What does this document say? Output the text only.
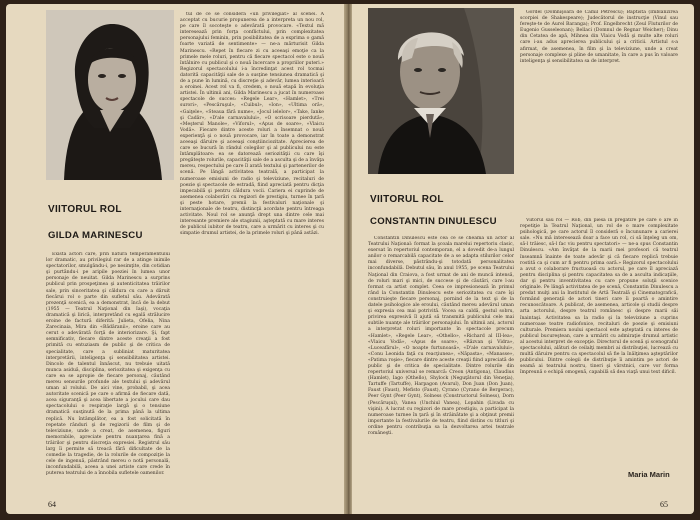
VIITORUL ROL
GILDA MARINESCU

Există actori care, prin natura temperamentului lor dramatic, au privilegiul rar de a atinge inimile spectatorilor, smulgându-i, pe nesimţite, din cotidian şi purtându-i pe aripile poeziei în lumea unor personaje de neuitat. Gilda Marinescu a surprins publicul prin prospeţimea şi autenticitatea trăirilor sale, prin sinceritatea şi căldura cu care a dăruit fiecărui rol o parte din sufletul său. Adevărată prezenţă scenică, ea a demonstrat, încă de la debut (1955 — Teatrul Naţional din Iaşi), vocaţia dramatică şi lirică, interpretând cu egală strălucire eroine de factură diferită: Julieta, Ofelia, Nina Zarecinaia, Mira din «Bădăranii», eroine care au cerut o adevărată forţă de interiorizare. Şi, fapt semnificativ, fiecare dintre aceste creaţii a fost primită cu entuziasm de public şi de critica de specialitate, care a subliniat maturitatea interpretării, inteligenţa şi sensibilitatea artistei. Dincolo de talentul înnăscut, nu trebuie uitată munca asiduă, disciplina, seriozitatea şi exigenţa cu care ea se apropie de fiecare personaj, căutând mereu sensurile profunde ale textului şi adevărul uman al rolului. De aici vine, probabil, şi acea autoritate scenică pe care o afirmă de fiecare dată, acea siguranţă şi acea libertate a jocului care dau spectacolului o respiraţie largă şi o tensiune dramatică susţinută de la prima până la ultima replică. Nu întâmplător, ea a fost solicitată în repetate rânduri şi de regizorii de film şi de televiziune, unde a creat, de asemenea, figuri memorabile, apreciate pentru nuanţarea fină a trăirilor şi pentru discreţia expresiei. Registrul său larg îi permite să treacă fără dificultate de la comedie la tragedie, de la rolurile de compoziţie la cele de ingenuă, păstrând mereu o notă personală, inconfundabilă, aceea a unei artiste care crede în puterea teatrului de a înnobila sufletele oamenilor.

tul de ce se consideră «un privilegiat» al scenei. A acceptat cu bucurie propunerea de a interpreta un nou rol, pe care îl socoteşte o adevărată provocare. «Textul mă interesează prin forţa conflictului, prin complexitatea personajului feminin, prin posibilitatea de a exprima o gamă foarte variată de sentimente» — ne-a mărturisit Gilda Marinescu. «Repet în fiecare zi cu aceeaşi emoţie ca la primele mele roluri, pentru că fiecare spectacol este o nouă întâlnire cu publicul şi o nouă încercare a propriilor puteri.» Regizorul spectacolului i-a încredinţat acest rol tocmai datorită capacităţii sale de a susţine tensiunea dramatică şi de a pune în lumină, cu discreţie şi adevăr, lumea interioară a eroinei. Acest rol va fi, credem, o nouă etapă în evoluţia artistei. În ultimii ani, Gilda Marinescu a jucat în numeroase spectacole de succes: «Regele Lear», «Hamlet», «Trei surori», «Pescăruşul», «Cuibul», «Ion», «Ultima oră», «Gaiţele», «Steaua fără nume», «Jocul ielelor», «Take, Ianke şi Cadâr», «D'ale carnavalului», «O scrisoare pierdută», «Meşterul Manole», «Viforul», «Apus de soare», «Vlaicu Vodă». Fiecare dintre aceste roluri a însemnat o nouă experienţă şi o nouă provocare, iar în toate a demonstrat aceeaşi dăruire şi aceeaşi conştiinciozitate. Aprecierea de care se bucură în rândul colegilor şi al publicului nu este întâmplătoare: ea se datorează seriozităţii cu care îşi pregăteşte rolurile, capacităţii sale de a asculta şi de a învăţa mereu, respectului pe care îl arată textului şi partenerilor de scenă. Pe lângă activitatea teatrală, a participat la numeroase emisiuni de radio şi televiziune, recitaluri de poezie şi spectacole de estradă, fiind apreciată pentru dicţia impecabilă şi pentru căldura vocii. Cariera ei cuprinde de asemenea colaborări cu regizori de prestigiu, turnee în ţară şi peste hotare, premii la festivaluri naţionale şi internaţionale de teatru, distincţii acordate pentru întreaga activitate. Noul rol se anunţă drept una dintre cele mai interesante premiere ale stagiunii, aşteptată cu mare interes de publicul iubitor de teatru, care a urmărit cu interes şi cu simpatie drumul artistei, de la primele roluri şi până astăzi.

64

Gordel (Domnişoara de Camil Petrescu); Baptista (Îmblânzirea scorpiei de Shakespeare); Judecătorul de instrucţie (Vinul sau fereşte-te de Aurel Baranga); Prof. Engelbrecht (Zeul Fluturilor de Eugenio Gusseleonan); Bellaci (Domnul de Regnar Weicher); Dinu din Cetatea de apă, Mihnea din Vlaicu Vodă şi multe alte roluri care i-au adus aprecierea publicului şi a criticii. Artistul s-a afirmat, de asemenea, în film şi la televiziune, unde a creat personaje complexe şi pline de umanitate, în care a pus în valoare inteligenţa şi sensibilitatea sa de interpret.

VIITORUL ROL
CONSTANTIN DINULESCU

Constantin Dinulescu este cea ce se cheamă un actor al Teatrului Naţional: format la şcoala marelui repertoriu clasic, exersat în repertoriul contemporan, el a dovedit de-a lungul anilor o remarcabilă capacitate de a se adapta stilurilor celor mai diverse, păstrându-şi totodată personalitatea inconfundabilă. Debutul său, în anul 1955, pe scena Teatrului Naţional din Craiova, a fost urmat de ani de muncă intensă, de roluri mari şi mici, de succese şi de căutări, care l-au format ca artist complet. Ceea ce impresionează în primul rând la Constantin Dinulescu este seriozitatea cu care îşi construieşte fiecare personaj, pornind de la text şi de la datele psihologice ale eroului, căutând mereu adevărul uman şi expresia cea mai potrivită. Vocea sa caldă, gestul sobru, privirea expresivă îl ajută să transmită publicului cele mai subtile nuanţe ale trăirilor personajului. În ultimii ani, actorul a interpretat roluri importante în spectacole precum «Hamlet», «Regele Lear», «Othello», «Richard al III-lea», «Vlaicu Vodă», «Apus de soare», «Răzvan şi Vidra», «Luceafărul», «O noapte furtunoasă», «D'ale carnavalului», «Conu Leonida faţă cu reacţiunea», «Năpasta», «Manasse», «Patima roşie», fiecare dintre aceste creaţii fiind apreciată de public şi de critica de specialitate. Dintre rolurile din repertoriul universal se remarcă: Creon (Antigona), Claudius (Hamlet), Iago (Othello), Shylock (Neguţătorul din Veneţia), Tartuffe (Tartuffe), Harpagon (Avarul), Don Juan (Don Juan), Faust (Faust), Mefisto (Faust), Cyrano (Cyrano de Bergerac), Peer Gynt (Peer Gynt), Solness (Constructorul Solness), Dorn (Pescăruşul), Vanea (Unchiul Vanea), Lopahin (Livada cu vişini). A lucrat cu regizori de mare prestigiu, a participat la numeroase turnee în ţară şi în străinătate şi a obţinut premii importante la festivalurile de teatru, fiind distins cu titluri şi ordine pentru contribuţia sa la dezvoltarea artei teatrale româneşti.

Viitorul său rol — Rob, din piesa în pregătire pe care o are în repetiţie la Teatrul Naţional, un rol de o mare complexitate psihologică, pe care actorul îl consideră o încununare a carierei sale. «Nu mă interesează doar a face un rol, ci să înţeleg un om, să-l trăiesc, să-l fac viu pentru spectatori» — ne-a spus Constantin Dinulescu. «Am învăţat de la marii mei profesori că teatrul înseamnă înainte de toate adevăr şi că fiecare replică trebuie rostită ca şi cum ar fi pentru prima oară.» Regizorul spectacolului a avut o colaborare fructuoasă cu actorul, pe care îl apreciază pentru disciplina şi pentru capacitatea sa de a asculta indicaţiile, dar şi pentru inventivitatea cu care propune soluţii scenice originale. Pe lângă activitatea de pe scenă, Constantin Dinulescu a predat mulţi ani la Institutul de Artă Teatrală şi Cinematografică, formând generaţii de actori tineri care îi poartă o amintire recunoscătoare. A publicat, de asemenea, articole şi studii despre arta actorului, despre teatrul românesc şi despre marii săi înaintaşi. Activitatea sa la radio şi la televiziune a cuprins numeroase teatre radiofonice, recitaluri de poezie şi emisiuni culturale. Premiera noului spectacol este aşteptată cu interes de publicul bucureştean, care a urmărit cu admiraţie drumul artistic al acestui interpret de excepţie. Directorul de scenă şi scenograful spectacolului, alături de ceilalţi membri ai distribuţiei, lucrează cu multă dăruire pentru ca spectacolul să fie la înălţimea aşteptărilor publicului. Dintre colegii de distribuţie îi amintim pe actori de seamă ai teatrului nostru, tineri şi vârstnici, care vor forma împreună o echipă omogenă, capabilă să dea viaţă unui text dificil.

Maria Marin
65
